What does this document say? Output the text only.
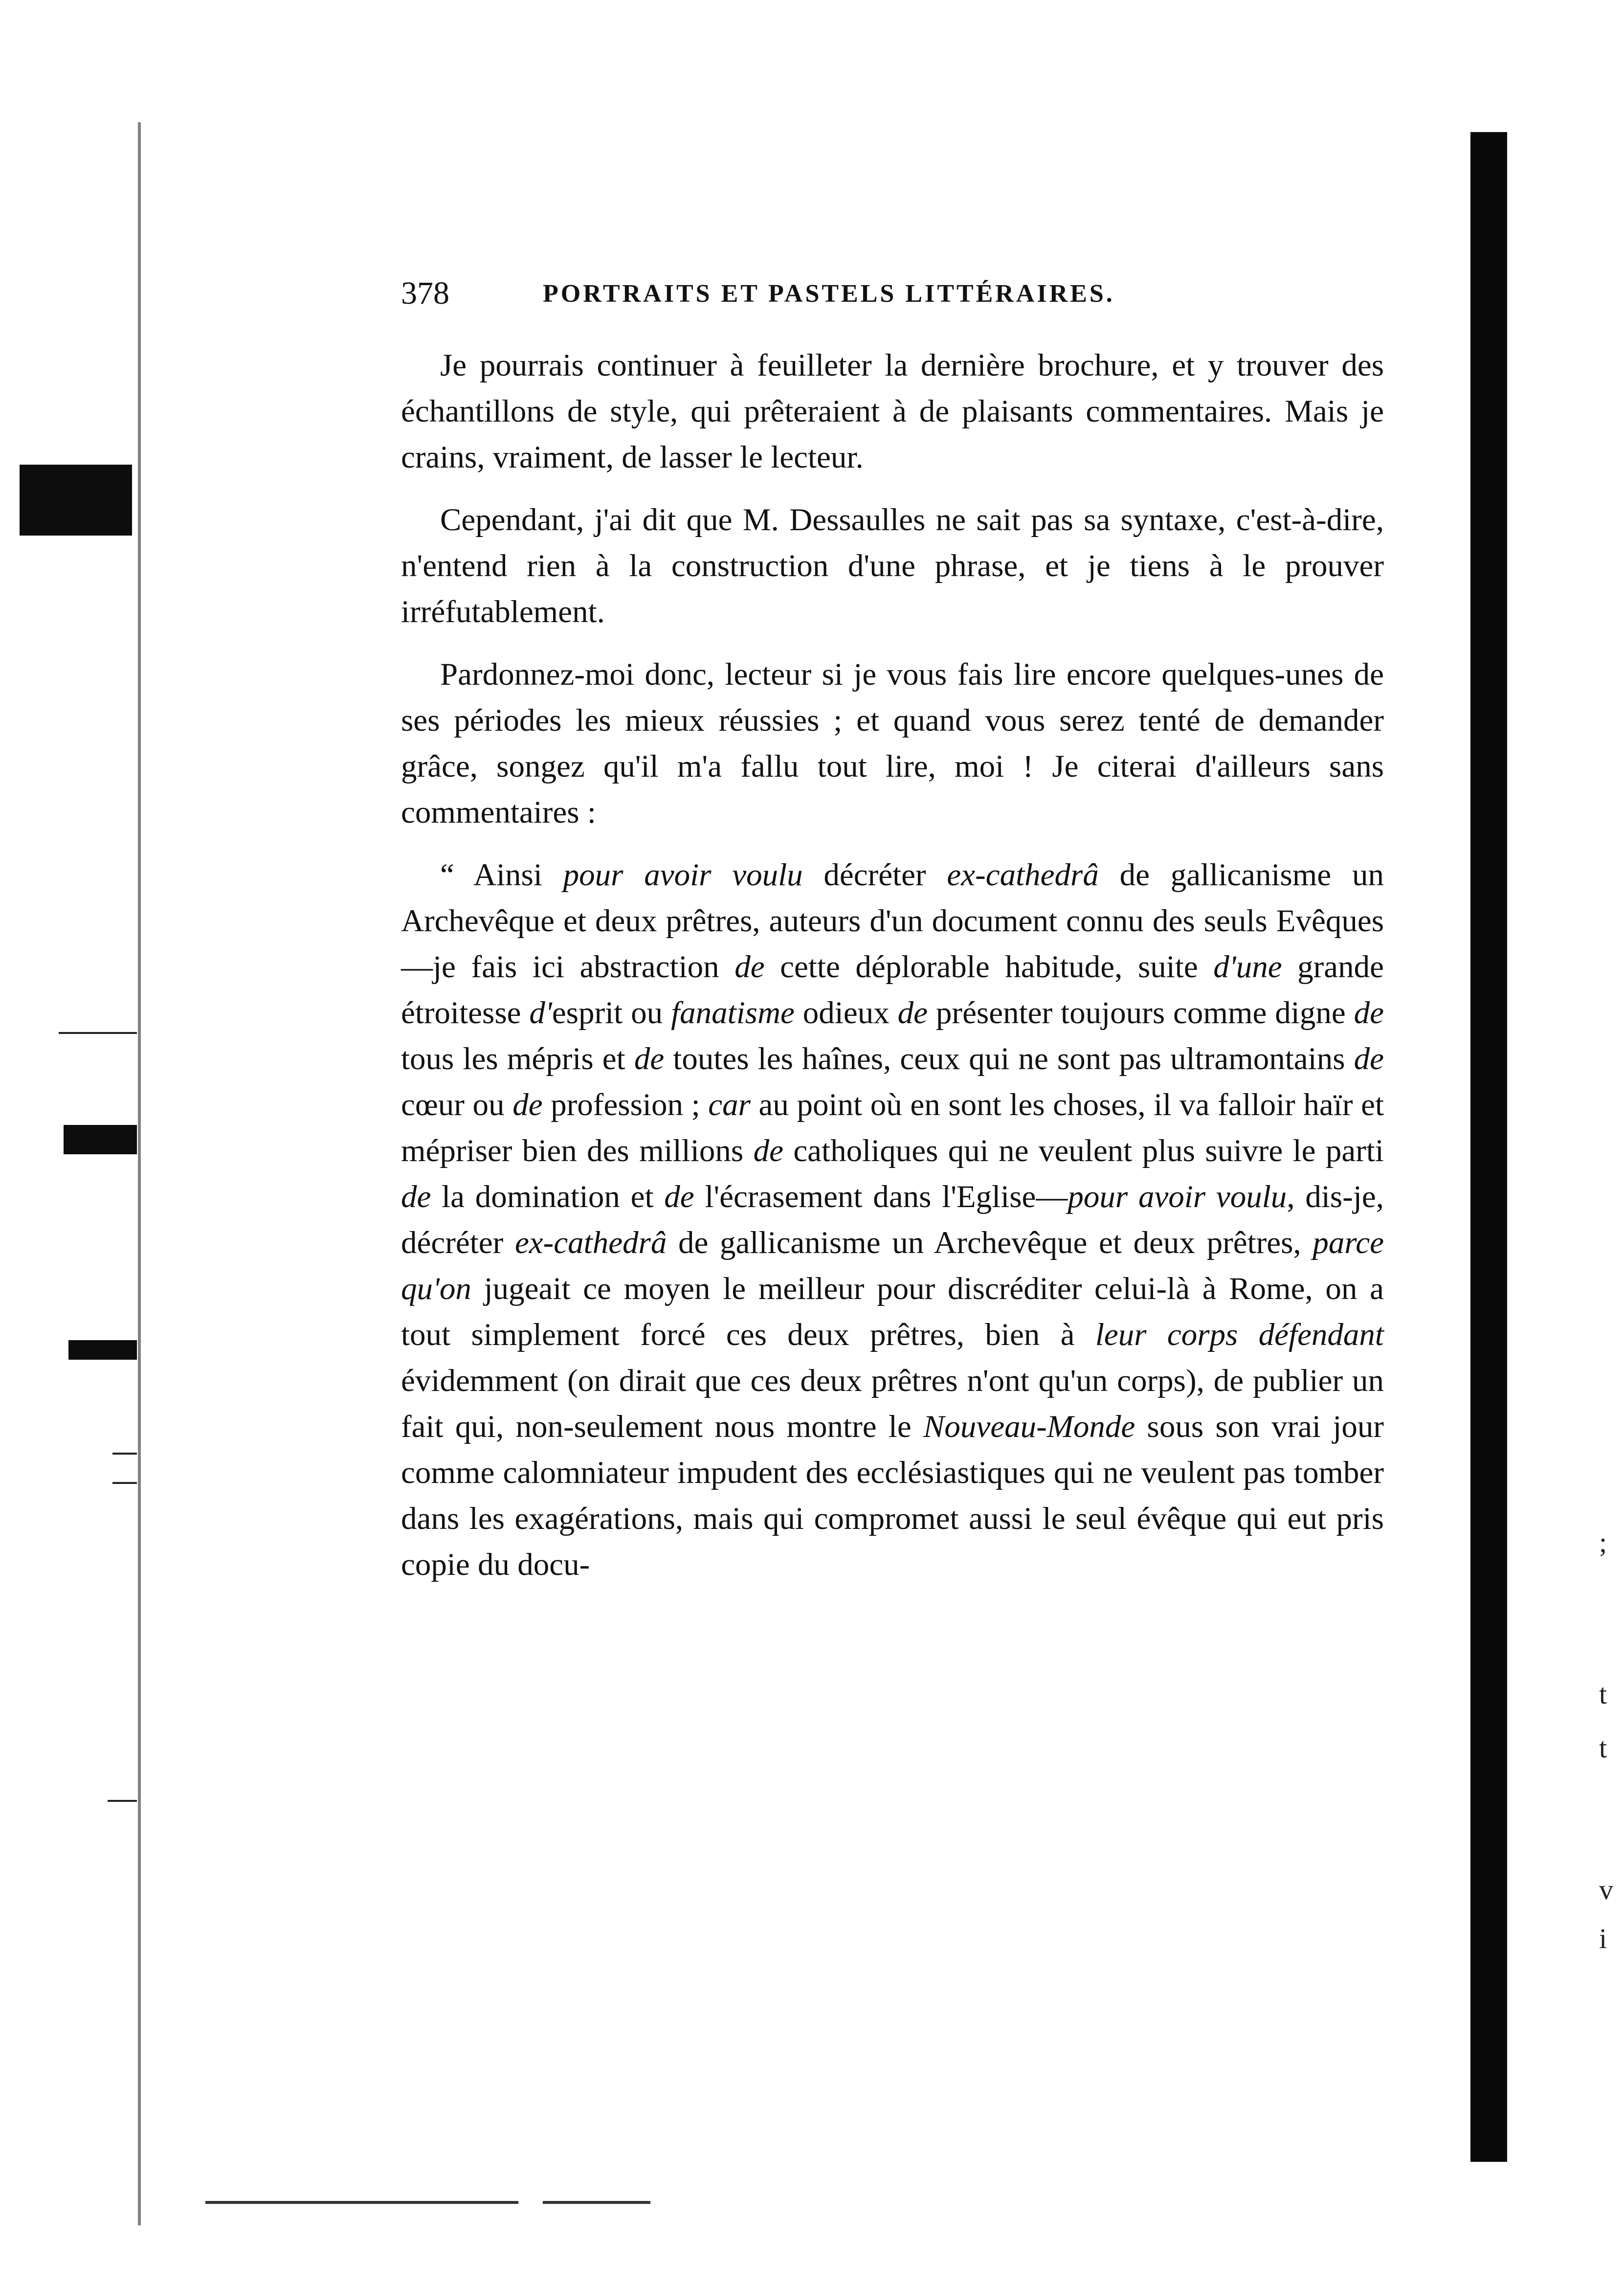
;
t
t
v
i
378	PORTRAITS ET PASTELS LITTÉRAIRES.

Je pourrais continuer à feuilleter la dernière brochure, et y trouver des échantillons de style, qui prêteraient à de plaisants commentaires. Mais je crains, vraiment, de lasser le lecteur.

Cependant, j'ai dit que M. Dessaulles ne sait pas sa syntaxe, c'est-à-dire, n'entend rien à la construction d'une phrase, et je tiens à le prouver irréfutablement.

Pardonnez-moi donc, lecteur si je vous fais lire encore quelques-unes de ses périodes les mieux réussies ; et quand vous serez tenté de demander grâce, songez qu'il m'a fallu tout lire, moi ! Je citerai d'ailleurs sans commentaires :

“ Ainsi pour avoir voulu décréter ex-cathedrâ de gallicanisme un Archevêque et deux prêtres, auteurs d'un document connu des seuls Evêques—je fais ici abstraction de cette déplorable habitude, suite d'une grande étroitesse d'esprit ou fanatisme odieux de présenter toujours comme digne de tous les mépris et de toutes les haînes, ceux qui ne sont pas ultramontains de cœur ou de profession ; car au point où en sont les choses, il va falloir haïr et mépriser bien des millions de catholiques qui ne veulent plus suivre le parti de la domination et de l'écrasement dans l'Eglise—pour avoir voulu, dis-je, décréter ex-cathedrâ de gallicanisme un Archevêque et deux prêtres, parce qu'on jugeait ce moyen le meilleur pour discréditer celui-là à Rome, on a tout simplement forcé ces deux prêtres, bien à leur corps défendant évidemment (on dirait que ces deux prêtres n'ont qu'un corps), de publier un fait qui, non-seulement nous montre le Nouveau-Monde sous son vrai jour comme calomniateur impudent des ecclésiastiques qui ne veulent pas tomber dans les exagérations, mais qui compromet aussi le seul évêque qui eut pris copie du docu-
